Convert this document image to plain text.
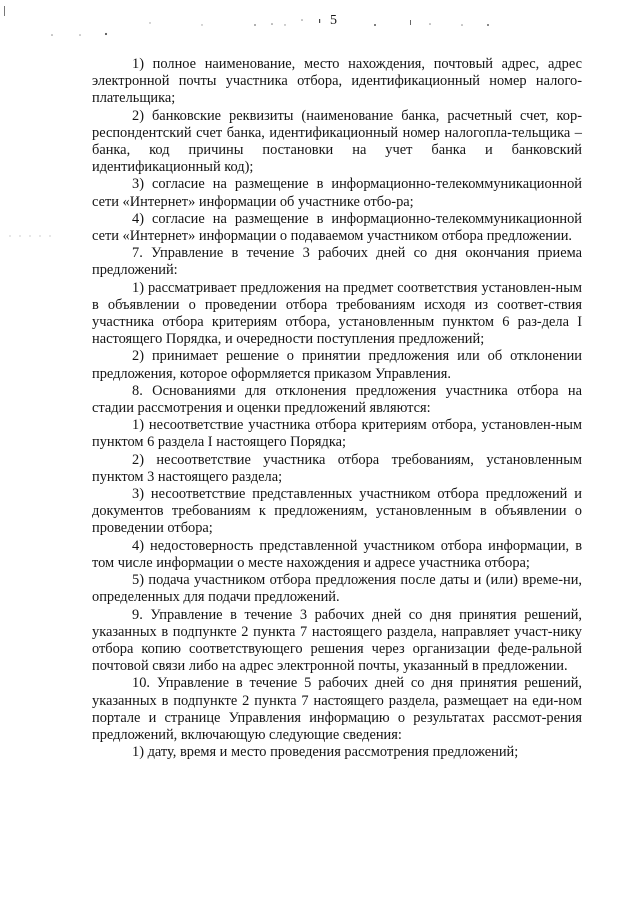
5

1) полное наименование, место нахождения, почтовый адрес, адрес электронной почты участника отбора, идентификационный номер налого-плательщика;

2) банковские реквизиты (наименование банка, расчетный счет, кор-респондентский счет банка, идентификационный номер налогопла-тельщика – банка, код причины постановки на учет банка и банковский идентификационный код);

3) согласие на размещение в информационно-телекоммуникационной сети «Интернет» информации об участнике отбо-ра;

4) согласие на размещение в информационно-телекоммуникационной сети «Интернет» информации о подаваемом участником отбора предложении.

7. Управление в течение 3 рабочих дней со дня окончания приема предложений:

1) рассматривает предложения на предмет соответствия установлен-ным в объявлении о проведении отбора требованиям исходя из соответ-ствия участника отбора критериям отбора, установленным пунктом 6 раз-дела I настоящего Порядка, и очередности поступления предложений;

2) принимает решение о принятии предложения или об отклонении предложения, которое оформляется приказом Управления.

8. Основаниями для отклонения предложения участника отбора на стадии рассмотрения и оценки предложений являются:

1) несоответствие участника отбора критериям отбора, установлен-ным пунктом 6 раздела I настоящего Порядка;

2) несоответствие участника отбора требованиям, установленным пунктом 3 настоящего раздела;

3) несоответствие представленных участником отбора предложений и документов требованиям к предложениям, установленным в объявлении о проведении отбора;

4) недостоверность представленной участником отбора информации, в том числе информации о месте нахождения и адресе участника отбора;

5) подача участником отбора предложения после даты и (или) време-ни, определенных для подачи предложений.

9. Управление в течение 3 рабочих дней со дня принятия решений, указанных в подпункте 2 пункта 7 настоящего раздела, направляет участ-нику отбора копию соответствующего решения через организации феде-ральной почтовой связи либо на адрес электронной почты, указанный в предложении.

10. Управление в течение 5 рабочих дней со дня принятия решений, указанных в подпункте 2 пункта 7 настоящего раздела, размещает на еди-ном портале и странице Управления информацию о результатах рассмот-рения предложений, включающую следующие сведения:

1) дату, время и место проведения рассмотрения предложений;
